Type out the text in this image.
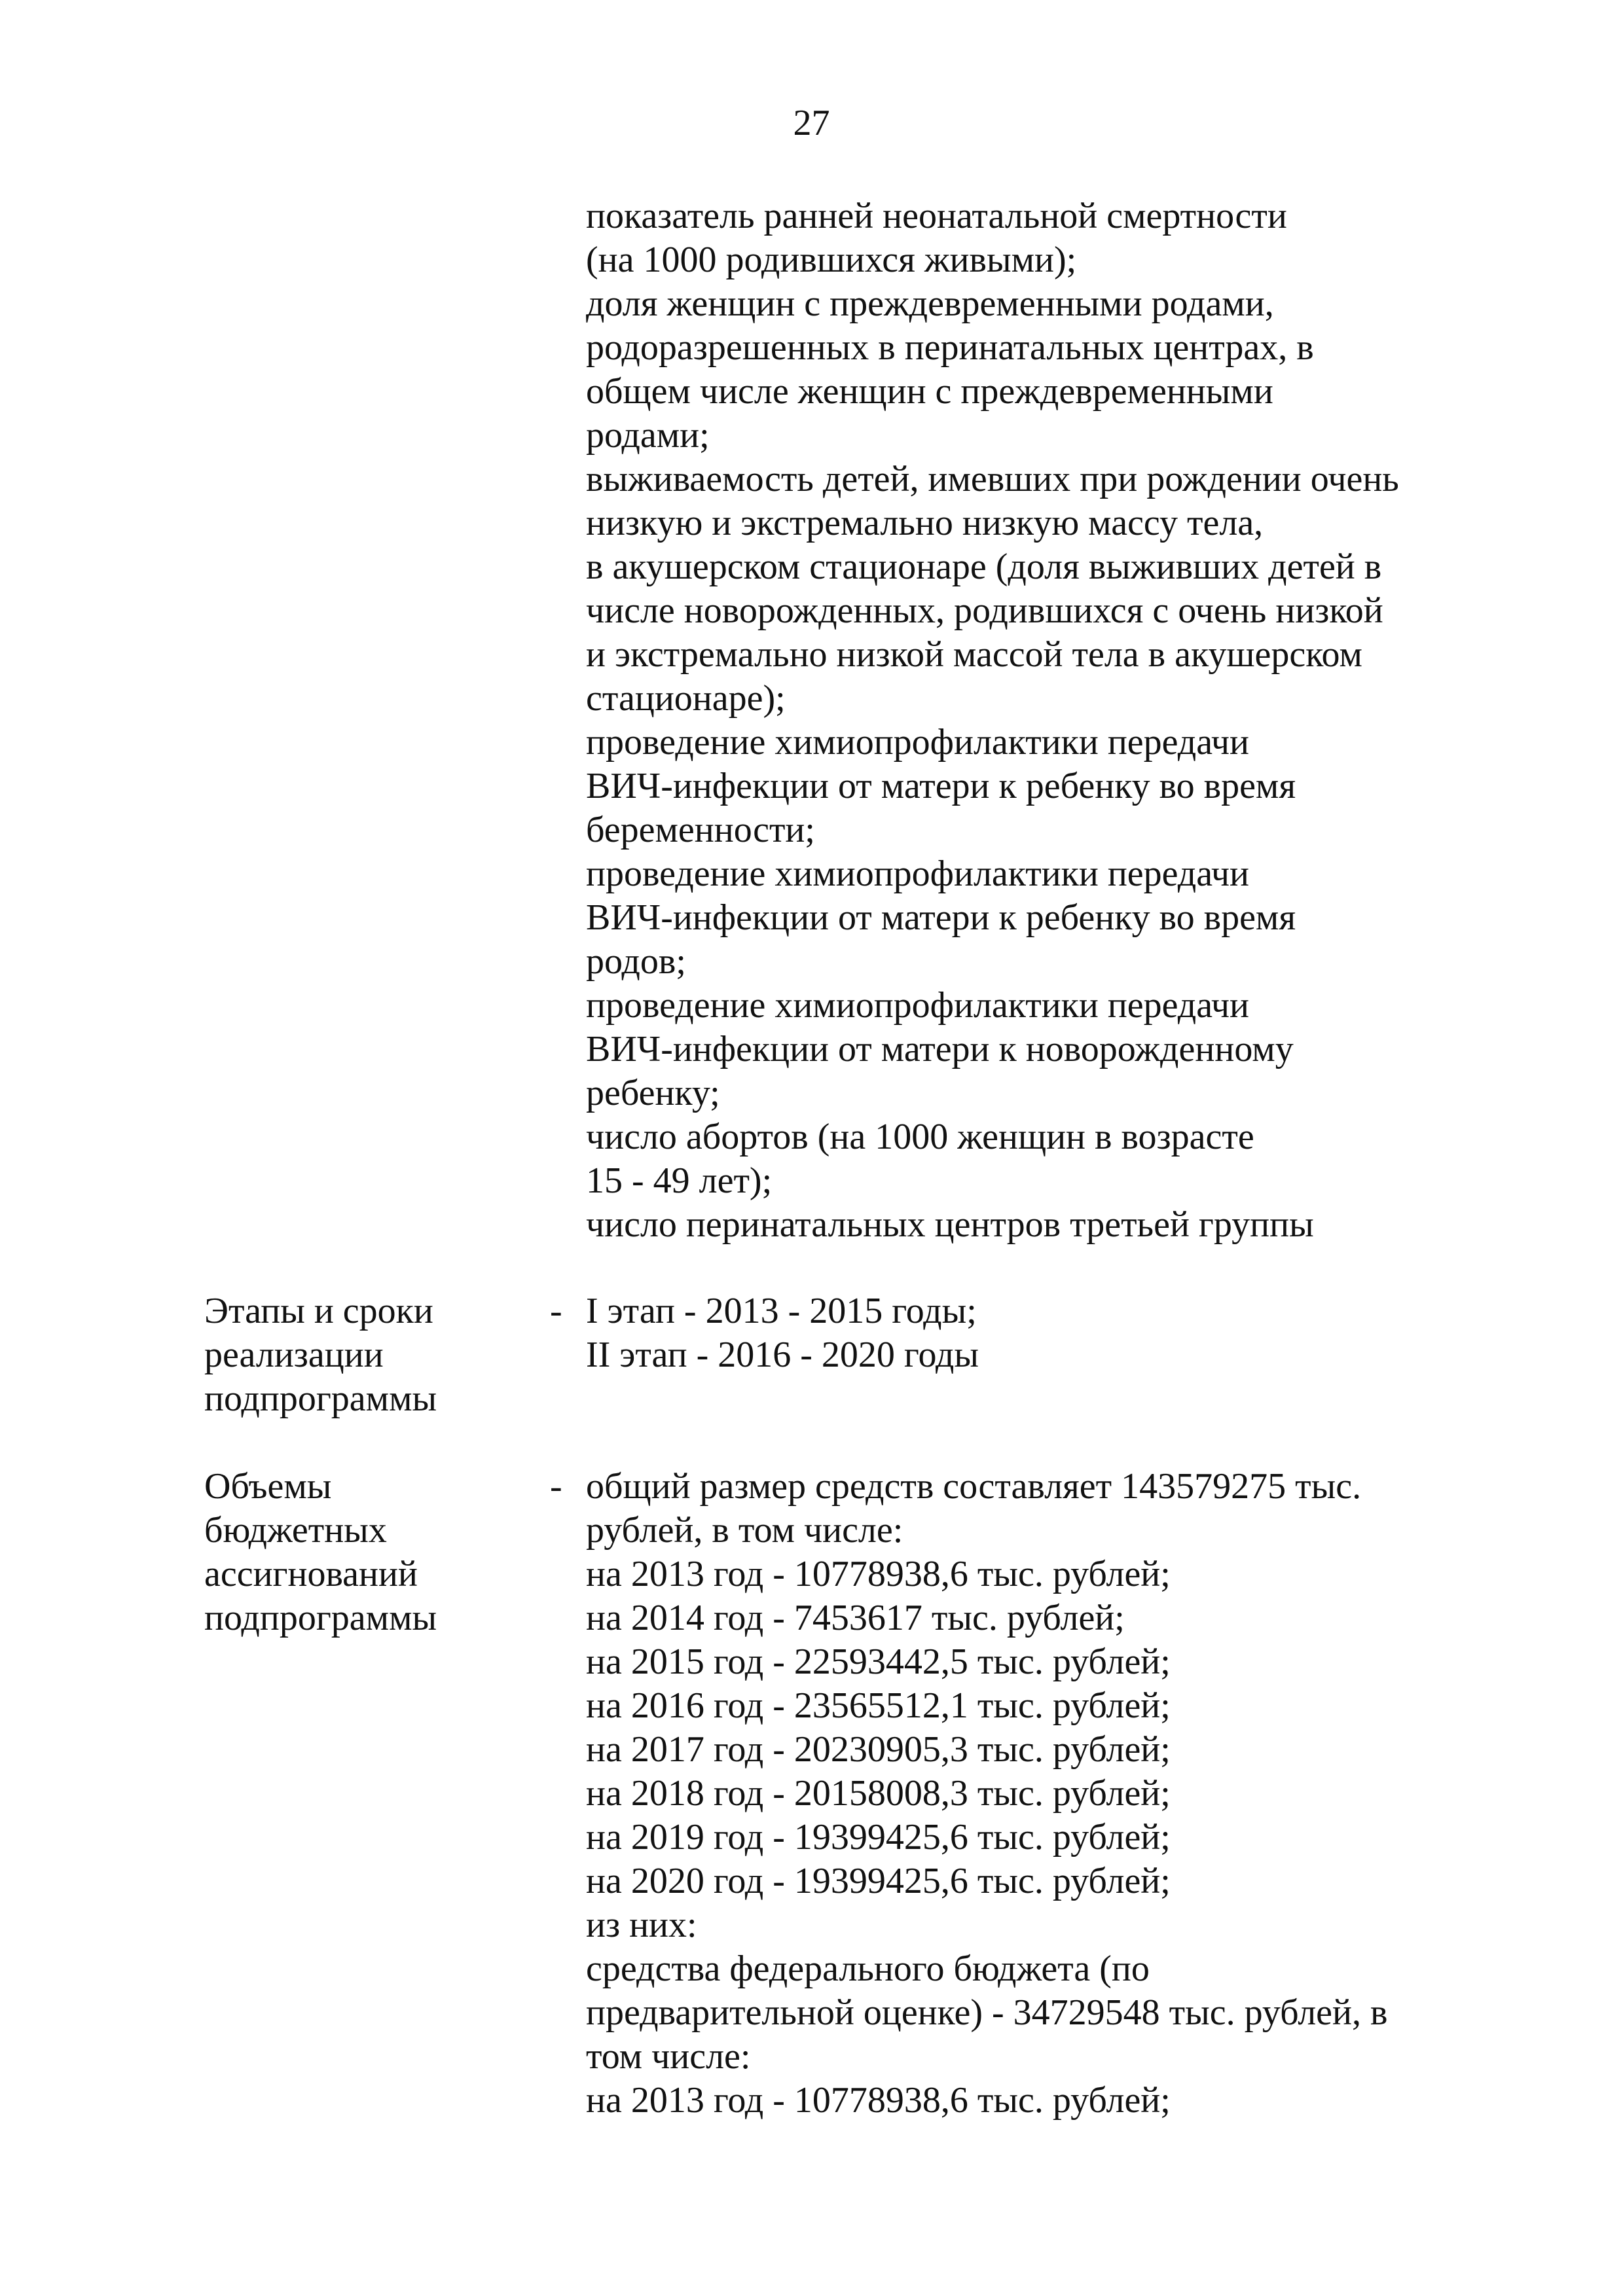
27
показатель ранней неонатальной смертности
(на 1000 родившихся живыми);
доля женщин с преждевременными родами,
родоразрешенных в перинатальных центрах, в
общем числе женщин с преждевременными
родами;
выживаемость детей, имевших при рождении очень
низкую и экстремально низкую массу тела,
в акушерском стационаре (доля выживших детей в
числе новорожденных, родившихся с очень низкой
и экстремально низкой массой тела в акушерском
стационаре);
проведение химиопрофилактики передачи
ВИЧ-инфекции от матери к ребенку во время
беременности;
проведение химиопрофилактики передачи
ВИЧ-инфекции от матери к ребенку во время
родов;
проведение химиопрофилактики передачи
ВИЧ-инфекции от матери к новорожденному
ребенку;
число абортов (на 1000 женщин в возрасте
15 - 49 лет);
число перинатальных центров третьей группы
Этапы и сроки
реализации
подпрограммы
- I этап - 2013 - 2015 годы;
II этап - 2016 - 2020 годы
Объемы
бюджетных
ассигнований
подпрограммы
- общий размер средств составляет 143579275 тыс.
рублей, в том числе:
на 2013 год - 10778938,6 тыс. рублей;
на 2014 год - 7453617 тыс. рублей;
на 2015 год - 22593442,5 тыс. рублей;
на 2016 год - 23565512,1 тыс. рублей;
на 2017 год - 20230905,3 тыс. рублей;
на 2018 год - 20158008,3 тыс. рублей;
на 2019 год - 19399425,6 тыс. рублей;
на 2020 год - 19399425,6 тыс. рублей;
из них:
средства федерального бюджета (по
предварительной оценке) - 34729548 тыс. рублей, в
том числе:
на 2013 год - 10778938,6 тыс. рублей;
